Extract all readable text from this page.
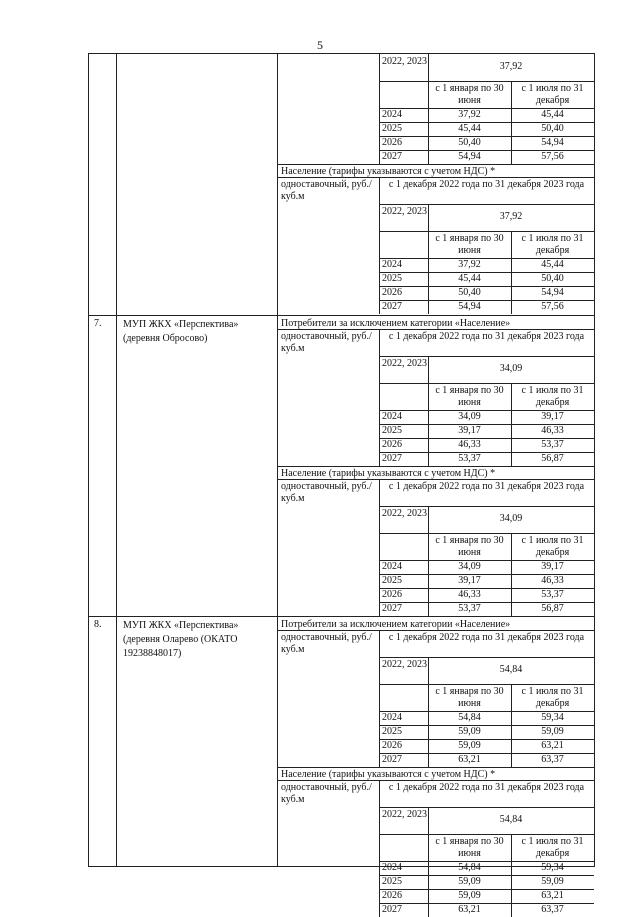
5
2022, 2023	37,92
с 1 января по 30 июня
с 1 июля по 31 декабря
2024	37,92	45,44
2025	45,44	50,40
2026	50,40	54,94
2027	54,94	57,56
Население (тарифы указываются с учетом НДС) *
одноставочный, руб./куб.м
с 1 декабря 2022 года по 31 декабря 2023 года
2022, 2023	37,92
с 1 января по 30 июня
с 1 июля по 31 декабря
2024	37,92	45,44
2025	45,44	50,40
2026	50,40	54,94
2027	54,94	57,56
7.	МУП ЖКХ «Перспектива» (деревня Обросово)
Потребители за исключением категории «Население»
одноставочный, руб./куб.м
с 1 декабря 2022 года по 31 декабря 2023 года
2022, 2023	34,09
с 1 января по 30 июня
с 1 июля по 31 декабря
2024	34,09	39,17
2025	39,17	46,33
2026	46,33	53,37
2027	53,37	56,87
Население (тарифы указываются с учетом НДС) *
одноставочный, руб./куб.м
с 1 декабря 2022 года по 31 декабря 2023 года
2022, 2023	34,09
с 1 января по 30 июня
с 1 июля по 31 декабря
2024	34,09	39,17
2025	39,17	46,33
2026	46,33	53,37
2027	53,37	56,87
8.	МУП ЖКХ «Перспектива» (деревня Оларево (ОКАТО 19238848017)
Потребители за исключением категории «Население»
одноставочный, руб./куб.м
с 1 декабря 2022 года по 31 декабря 2023 года
2022, 2023	54,84
с 1 января по 30 июня
с 1 июля по 31 декабря
2024	54,84	59,34
2025	59,09	59,09
2026	59,09	63,21
2027	63,21	63,37
Население (тарифы указываются с учетом НДС) *
одноставочный, руб./куб.м
с 1 декабря 2022 года по 31 декабря 2023 года
2022, 2023	54,84
с 1 января по 30 июня
с 1 июля по 31 декабря
2024	54,84	59,34
2025	59,09	59,09
2026	59,09	63,21
2027	63,21	63,37
